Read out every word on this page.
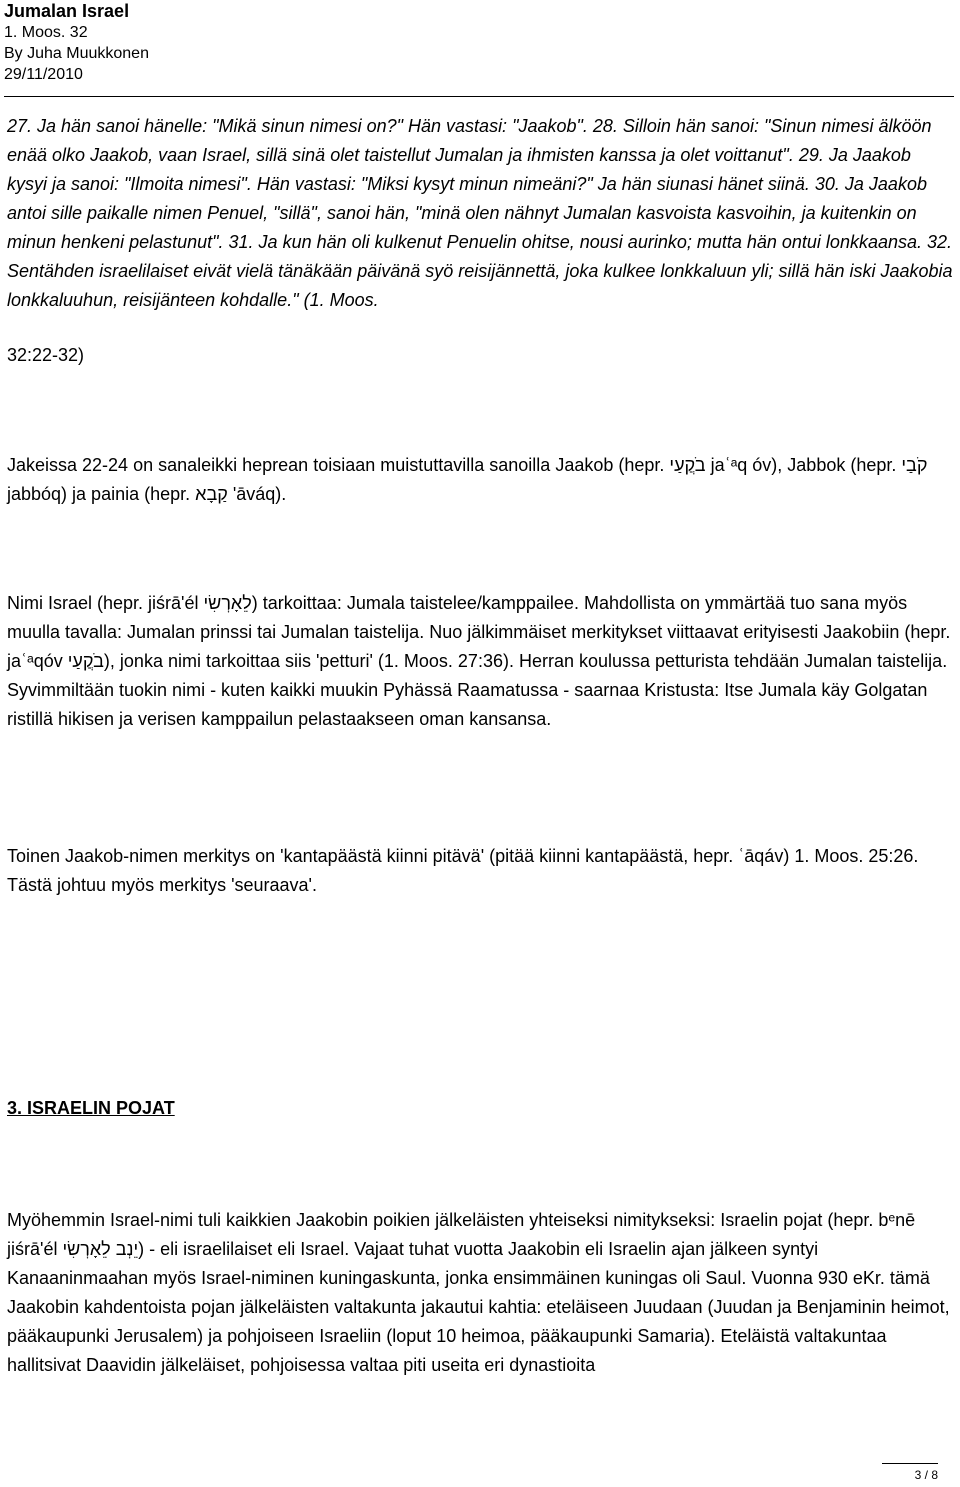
Jumalan Israel
1. Moos. 32
By Juha Muukkonen
29/11/2010
27. Ja hän sanoi hänelle: "Mikä sinun nimesi on?" Hän vastasi: "Jaakob". 28. Silloin hän sanoi: "Sinun nimesi älköön enää olko Jaakob, vaan Israel, sillä sinä olet taistellut Jumalan ja ihmisten kanssa ja olet voittanut". 29. Ja Jaakob kysyi ja sanoi: "Ilmoita nimesi". Hän vastasi: "Miksi kysyt minun nimeäni?" Ja hän siunasi hänet siinä. 30. Ja Jaakob antoi sille paikalle nimen Penuel, "sillä", sanoi hän, "minä olen nähnyt Jumalan kasvoista kasvoihin, ja kuitenkin on minun henkeni pelastunut". 31. Ja kun hän oli kulkenut Penuelin ohitse, nousi aurinko; mutta hän ontui lonkkaansa. 32. Sentähden israelilaiset eivät vielä tänäkään päivänä syö reisijännettä, joka kulkee lonkkaluun yli; sillä hän iski Jaakobia lonkkaluuhun, reisijänteen kohdalle." (1. Moos.
32:22-32)
Jakeissa 22-24 on sanaleikki heprean toisiaan muistuttavilla sanoilla Jaakob (hepr. בֹקֲעַי jaʿᵃq óv), Jabbok (hepr. קֹבַי jabbóq) ja painia (hepr. קַבָא 'āváq).
Nimi Israel (hepr. jiśrā'él לֵאָרְשִׂי) tarkoittaa: Jumala taistelee/kamppailee. Mahdollista on ymmärtää tuo sana myös muulla tavalla: Jumalan prinssi tai Jumalan taistelija. Nuo jälkimmäiset merkitykset viittaavat erityisesti Jaakobiin (hepr. jaʿᵃqóv בֹקֲעַי), jonka nimi tarkoittaa siis 'petturi' (1. Moos. 27:36). Herran koulussa petturista tehdään Jumalan taistelija. Syvimmiltään tuokin nimi - kuten kaikki muukin Pyhässä Raamatussa - saarnaa Kristusta: Itse Jumala käy Golgatan ristillä hikisen ja verisen kamppailun pelastaakseen oman kansansa.
Toinen Jaakob-nimen merkitys on 'kantapäästä kiinni pitävä' (pitää kiinni kantapäästä, hepr. ʿāqáv) 1. Moos. 25:26. Tästä johtuu myös merkitys 'seuraava'.
3. ISRAELIN POJAT
Myöhemmin Israel-nimi tuli kaikkien Jaakobin poikien jälkeläisten yhteiseksi nimitykseksi: Israelin pojat (hepr. bᵉnē jiśrā'él יֵנְב לֵאָרְשִׂי) - eli israelilaiset eli Israel. Vajaat tuhat vuotta Jaakobin eli Israelin ajan jälkeen syntyi Kanaaninmaahan myös Israel-niminen kuningaskunta, jonka ensimmäinen kuningas oli Saul. Vuonna 930 eKr. tämä Jaakobin kahdentoista pojan jälkeläisten valtakunta jakautui kahtia: eteläiseen Juudaan (Juudan ja Benjaminin heimot, pääkaupunki Jerusalem) ja pohjoiseen Israeliin (loput 10 heimoa, pääkaupunki Samaria). Eteläistä valtakuntaa hallitsivat Daavidin jälkeläiset, pohjoisessa valtaa piti useita eri dynastioita
3 / 8
